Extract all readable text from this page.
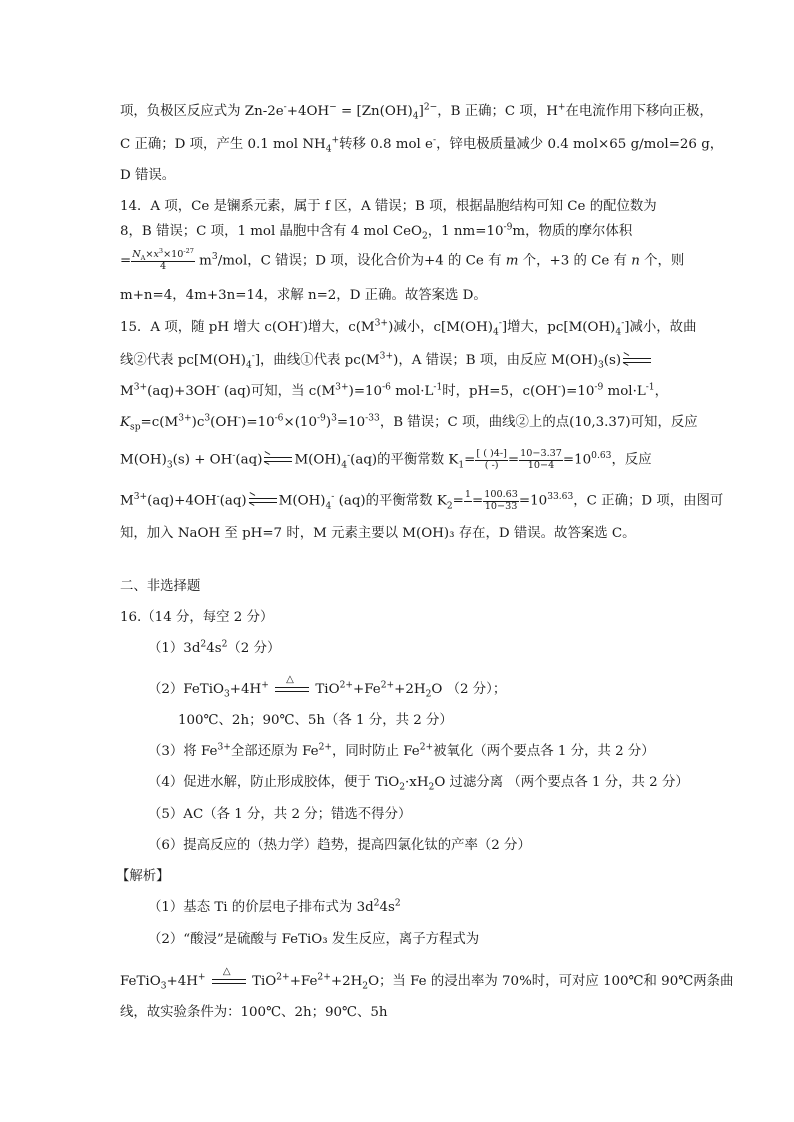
项，负极区反应式为 $Zn-2e^-+4OH^- = [Zn(OH)_4]^{2-}$，B 正确；C 项，H+在电流作用下移向正极，
C 正确；D 项，产生 0.1 mol $NH_4^+$转移 0.8 mol e-，锌电极质量减少 0.4 mol×65 g/mol=26 g，
D 错误。
14．A 项，Ce 是镧系元素，属于 f 区，A 错误；B 项，根据晶胞结构可知 Ce 的配位数为
8，B 错误；C 项，1 mol 晶胞中含有 4 mol CeO$_2$，1 $nm=10^{-9}m$，物质的摩尔体积
= $\frac{N_A\times x^3\times 10^{-27}}{4} m^3/mol$，C 错误；D 项，设化合价为+4 的 Ce 有 m 个，+3 的 Ce 有 n 个，则
m+n=4，4m+3n=14，求解 n=2，D 正确。故答案选 D。
15．A 项，随 pH 增大 c(OH-)增大，$c(M^{3+})$减小，$c[M(OH)_4^-]$增大，$pc[M(OH)_4^-]$减小，故曲
线②代表 $pc[M(OH)_4^-]$，曲线①代表 $pc(M^{3+})$，A 错误；B 项，由反应 $M(OH)_3(s)$
$M^{3+}(aq)+3OH^-$ (aq)可知，当 $c(M^{3+})=10^{-6}$ $mol\cdot L^{-1}$时，pH=5，$c(OH^-)=10^{-9}$ $mol\cdot L^{-1}$，
$K_{sp}=c(M^{3+})c^3(OH^-)=10^{-6}\times(10^{-9})^3=10^{-33}$，B 错误；C 项，曲线②上的点(10,3.37)可知，反应
$M(OH)_3(s) + OH^-(aq)$ $M(OH)_4^-(aq)$的平衡常数 $K_1= \frac{[ ( )4-]}{( -)} = \frac{10-3.37}{10-4} =10^{0.63}$，反应
$M^{3+}(aq)+4OH^-(aq)$ $M(OH)_4^-$ (aq)的平衡常数 $K_2= 1$
= $\frac{100.63}{10-33} =10^{33.63}$，C 正确；D 项，由图可
知，加入 NaOH 至 pH=7 时，M 元素主要以 M(OH)₃ 存在，D 错误。故答案选 C。
二、非选择题
16.（14 分，每空 2 分）
$(1)3d^24s^2(2$ 分）
（2）FeTiO$_3$+4H+
△
$TiO^{2+}+Fe^{2+}+2H_2O$ （2 分）；
100℃、2h；90℃、5h（各 1 分，共 2 分）
（3）将 $Fe^{3+}$全部还原为 $Fe^{2+}$，同时防止 $Fe^{2+}$被氧化（两个要点各 1 分，共 2 分）
（4）促进水解，防止形成胶体，便于 $TiO_2\cdot xH_2O$ 过滤分离 （两个要点各 1 分，共 2 分）
（5）AC（各 1 分，共 2 分；错选不得分）
（6）提高反应的（热力学）趋势，提高四氯化钛的产率（2 分）
【解析】
（1）基态 Ti 的价层电子排布式为 $3d^24s^2$
（2）“酸浸”是硫酸与 FeTiO₃ 发生反应，离子方程式为
FeTiO$_3$+4H+
△
$TiO^{2+}+Fe^{2+}+2H_2O$；当 Fe 的浸出率为 70%时，可对应 100℃和 90℃两条曲
线，故实验条件为：100℃、2h；90℃、5h
